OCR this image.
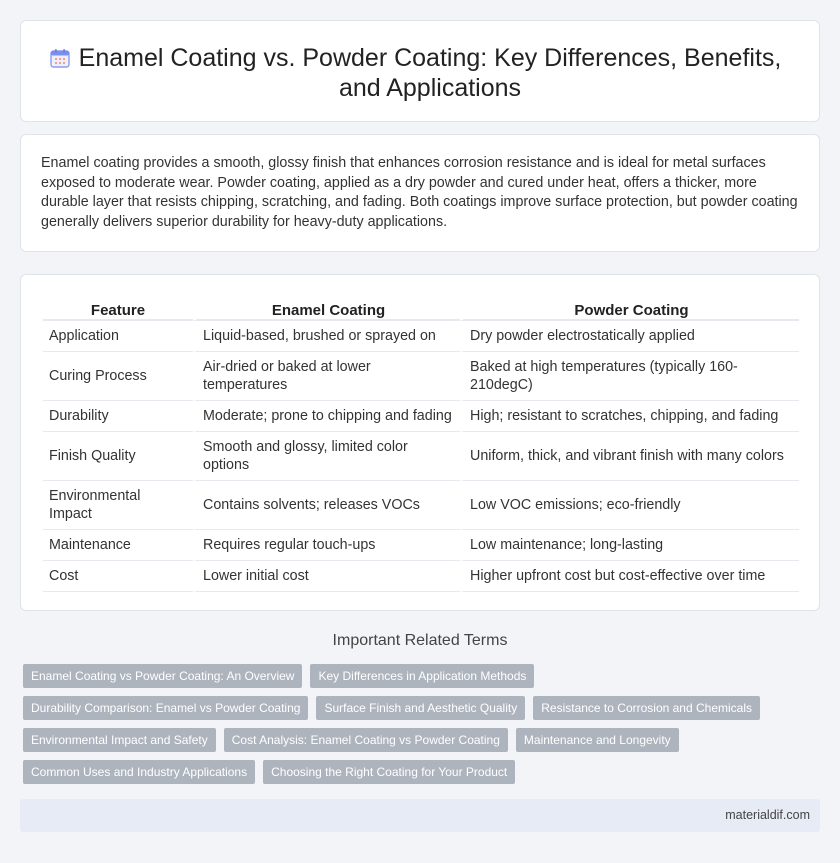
Enamel Coating vs. Powder Coating: Key Differences, Benefits, and Applications

Enamel coating provides a smooth, glossy finish that enhances corrosion resistance and is ideal for metal surfaces exposed to moderate wear. Powder coating, applied as a dry powder and cured under heat, offers a thicker, more durable layer that resists chipping, scratching, and fading. Both coatings improve surface protection, but powder coating generally delivers superior durability for heavy-duty applications.

Feature	Enamel Coating	Powder Coating
Application	Liquid-based, brushed or sprayed on	Dry powder electrostatically applied
Curing Process	Air-dried or baked at lower temperatures	Baked at high temperatures (typically 160-210degC)
Durability	Moderate; prone to chipping and fading	High; resistant to scratches, chipping, and fading
Finish Quality	Smooth and glossy, limited color options	Uniform, thick, and vibrant finish with many colors
Environmental Impact	Contains solvents; releases VOCs	Low VOC emissions; eco-friendly
Maintenance	Requires regular touch-ups	Low maintenance; long-lasting
Cost	Lower initial cost	Higher upfront cost but cost-effective over time
Important Related Terms
Enamel Coating vs Powder Coating: An Overview	Key Differences in Application Methods
Durability Comparison: Enamel vs Powder Coating	Surface Finish and Aesthetic Quality	Resistance to Corrosion and Chemicals
Environmental Impact and Safety	Cost Analysis: Enamel Coating vs Powder Coating	Maintenance and Longevity
Common Uses and Industry Applications	Choosing the Right Coating for Your Product
materialdif.com
